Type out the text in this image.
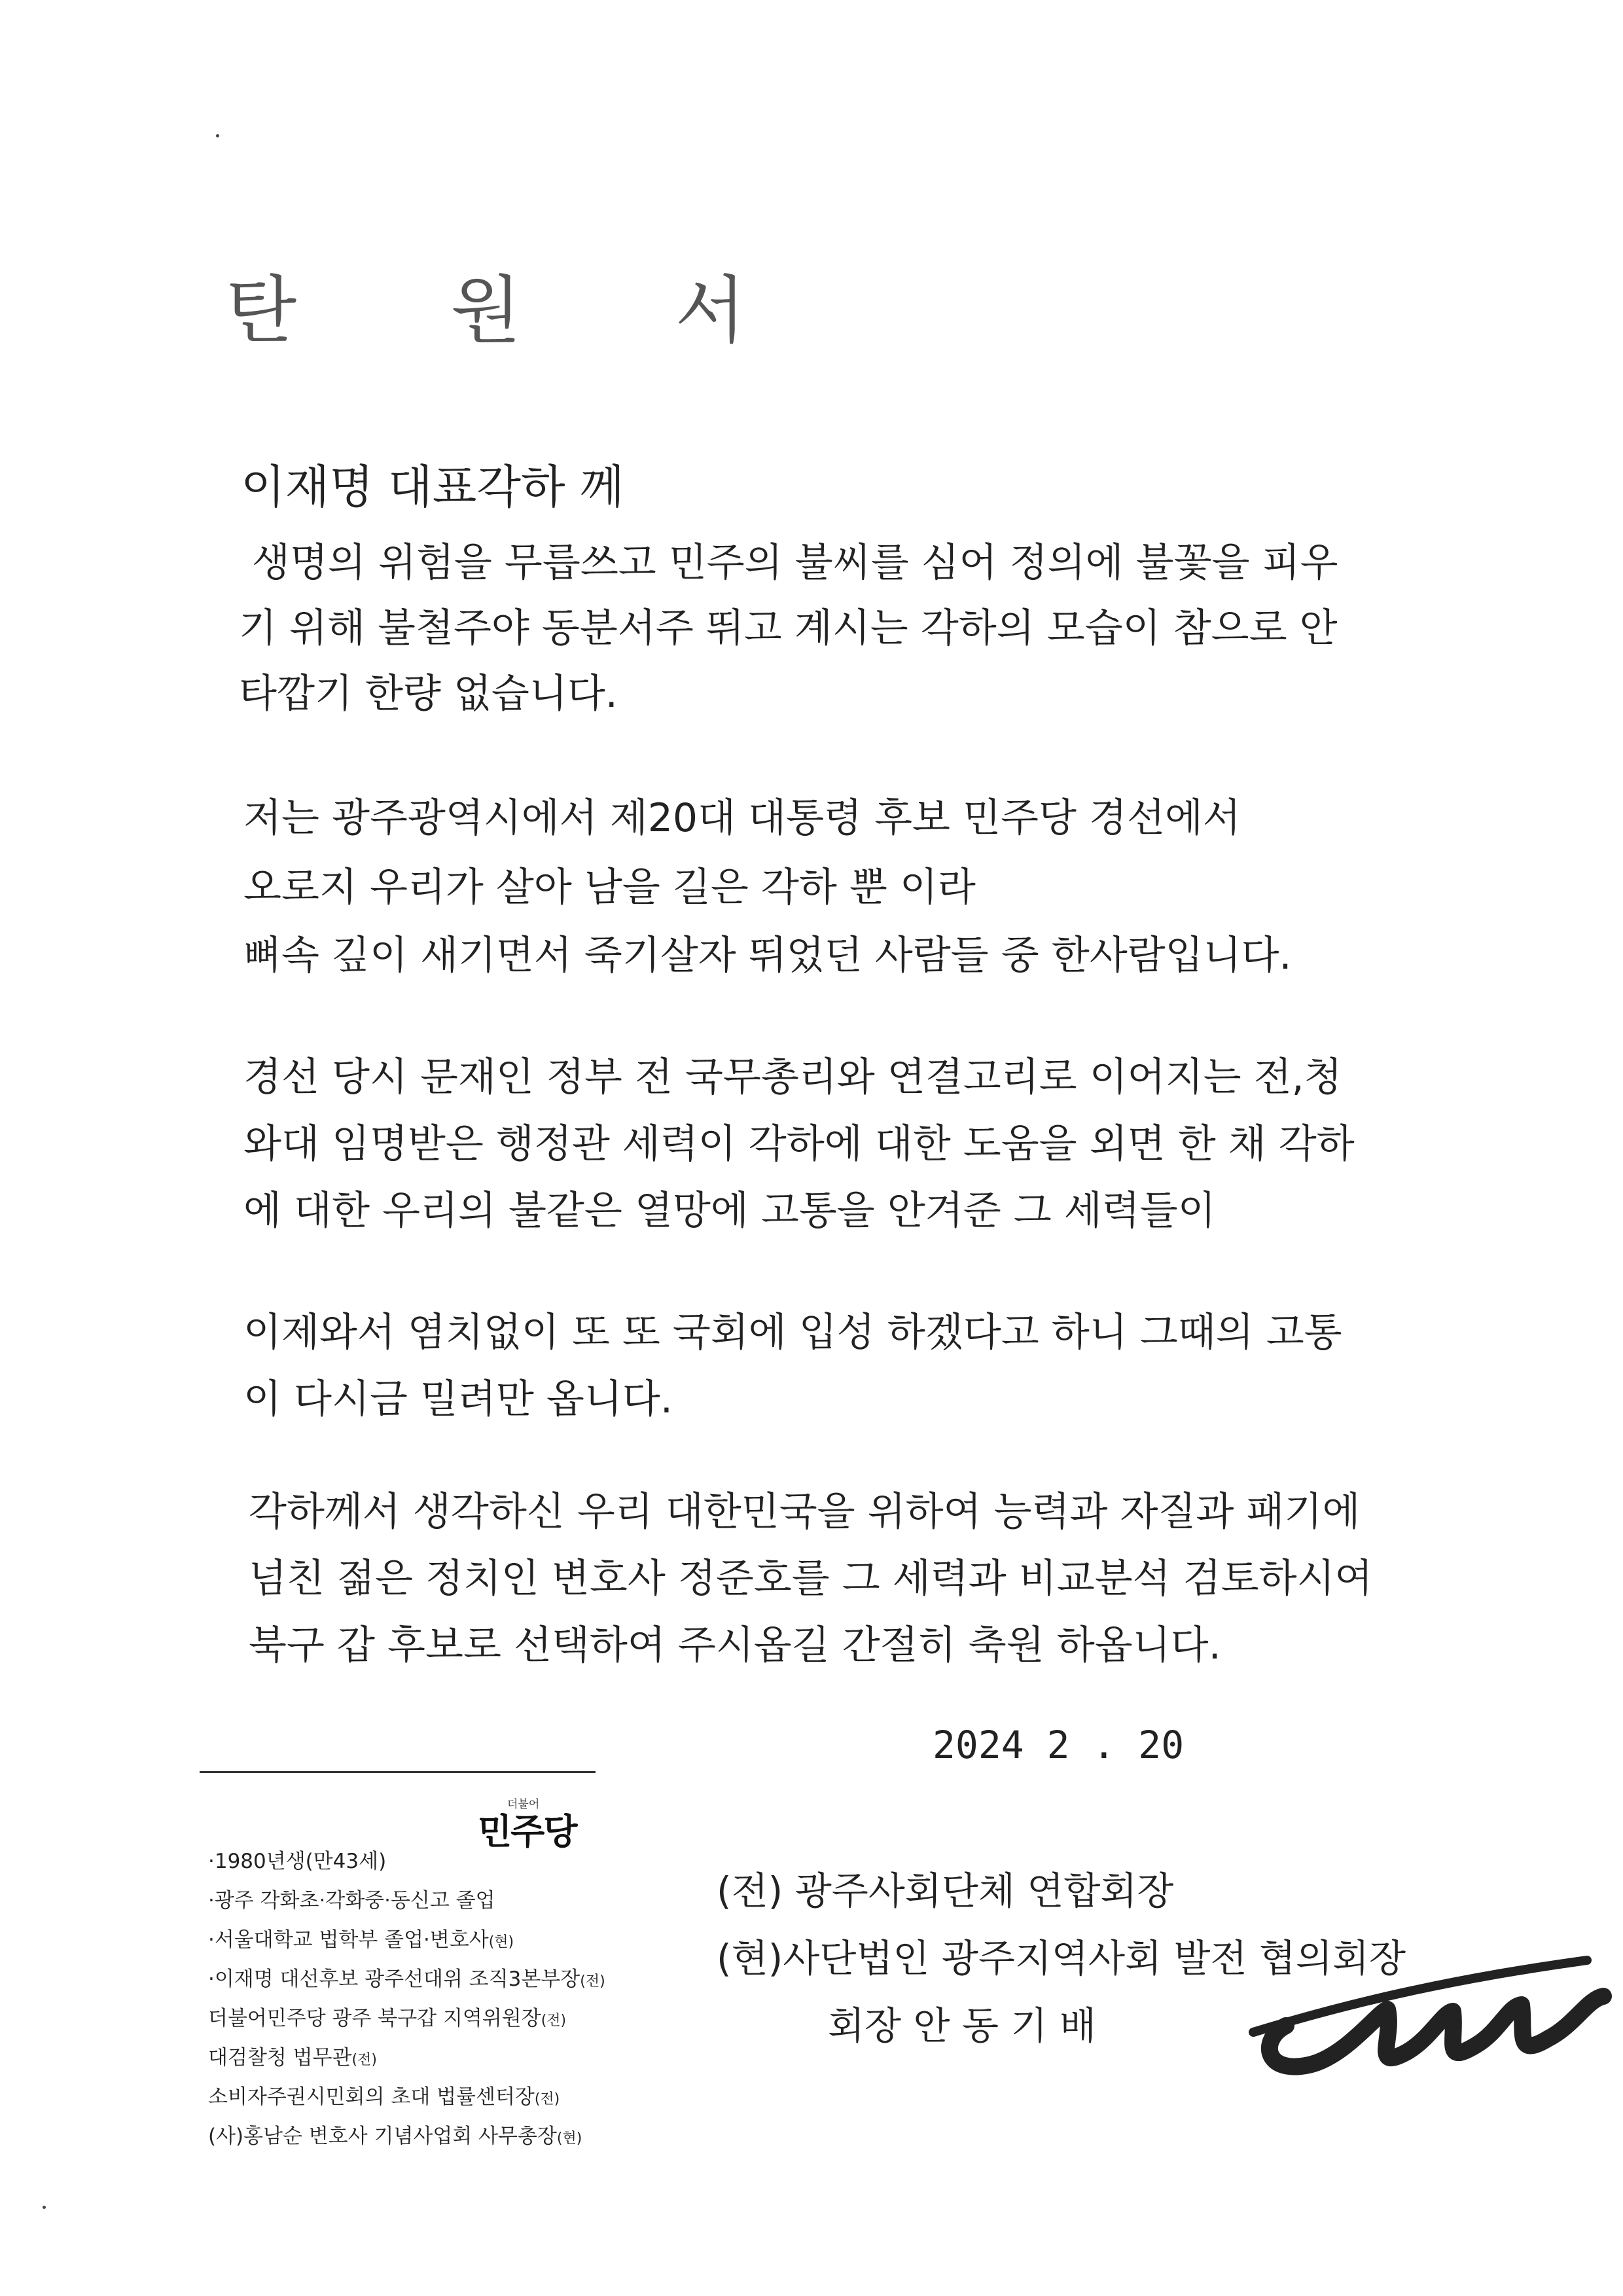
탄 원 서
이재명 대표각하 께
생명의 위험을 무릅쓰고 민주의 불씨를 심어 정의에 불꽃을 피우
기 위해 불철주야 동분서주 뛰고 계시는 각하의 모습이 참으로 안
타깝기 한량 없습니다.
저는 광주광역시에서 제20대 대통령 후보 민주당 경선에서
오로지 우리가 살아 남을 길은 각하 뿐 이라
뼈속 깊이 새기면서 죽기살자 뛰었던 사람들 중 한사람입니다.
경선 당시 문재인 정부 전 국무총리와 연결고리로 이어지는 전,청
와대 임명받은 행정관 세력이 각하에 대한 도움을 외면 한 채 각하
에 대한 우리의 불같은 열망에 고통을 안겨준 그 세력들이
이제와서 염치없이 또 또 국회에 입성 하겠다고 하니 그때의 고통
이 다시금 밀려만 옵니다.
각하께서 생각하신 우리 대한민국을 위하여 능력과 자질과 패기에
넘친 젊은 정치인 변호사 정준호를 그 세력과 비교분석 검토하시여
북구 갑 후보로 선택하여 주시옵길 간절히 축원 하옵니다.
2024 2 . 20
더불어
민주당
·1980년생(만43세)
·광주 각화초·각화중·동신고 졸업
·서울대학교 법학부 졸업·변호사(현)
·이재명 대선후보 광주선대위 조직3본부장(전)
더불어민주당 광주 북구갑 지역위원장(전)
대검찰청 법무관(전)
소비자주권시민회의 초대 법률센터장(전)
(사)홍남순 변호사 기념사업회 사무총장(현)
(전) 광주사회단체 연합회장
(현)사단법인 광주지역사회 발전 협의회장
회장 안 동 기 배
